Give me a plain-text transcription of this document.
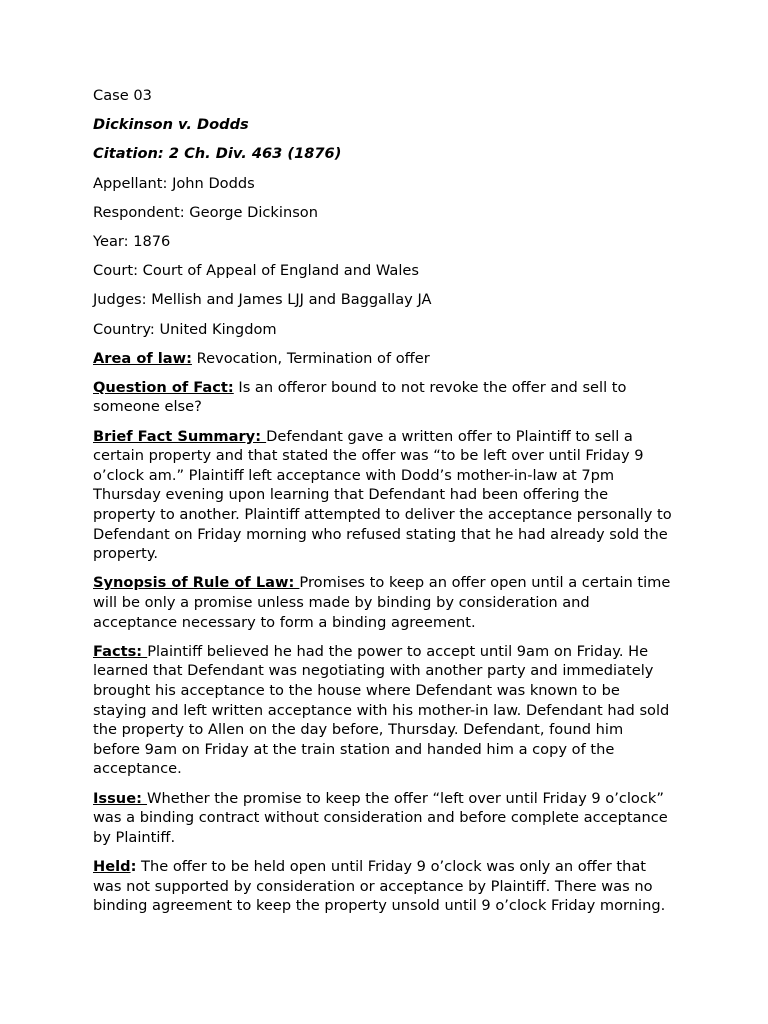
Case 03
Dickinson v. Dodds
Citation: 2 Ch. Div. 463 (1876)
Appellant: John Dodds
Respondent: George Dickinson
Year: 1876
Court: Court of Appeal of England and Wales
Judges: Mellish and James LJJ and Baggallay JA
Country: United Kingdom
Area of law: Revocation, Termination of offer
Question of Fact: Is an offeror bound to not revoke the offer and sell to someone else?
Brief Fact Summary: Defendant gave a written offer to Plaintiff to sell a certain property and that stated the offer was “to be left over until Friday 9 o’clock am.” Plaintiff left acceptance with Dodd’s mother-in-law at 7pm Thursday evening upon learning that Defendant had been offering the property to another. Plaintiff attempted to deliver the acceptance personally to Defendant on Friday morning who refused stating that he had already sold the property.
Synopsis of Rule of Law: Promises to keep an offer open until a certain time will be only a promise unless made by binding by consideration and acceptance necessary to form a binding agreement.
Facts: Plaintiff believed he had the power to accept until 9am on Friday. He learned that Defendant was negotiating with another party and immediately brought his acceptance to the house where Defendant was known to be staying and left written acceptance with his mother-in law. Defendant had sold the property to Allen on the day before, Thursday. Defendant, found him before 9am on Friday at the train station and handed him a copy of the acceptance.
Issue: Whether the promise to keep the offer “left over until Friday 9 o’clock” was a binding contract without consideration and before complete acceptance by Plaintiff.
Held: The offer to be held open until Friday 9 o’clock was only an offer that was not supported by consideration or acceptance by Plaintiff. There was no binding agreement to keep the property unsold until 9 o’clock Friday morning.
